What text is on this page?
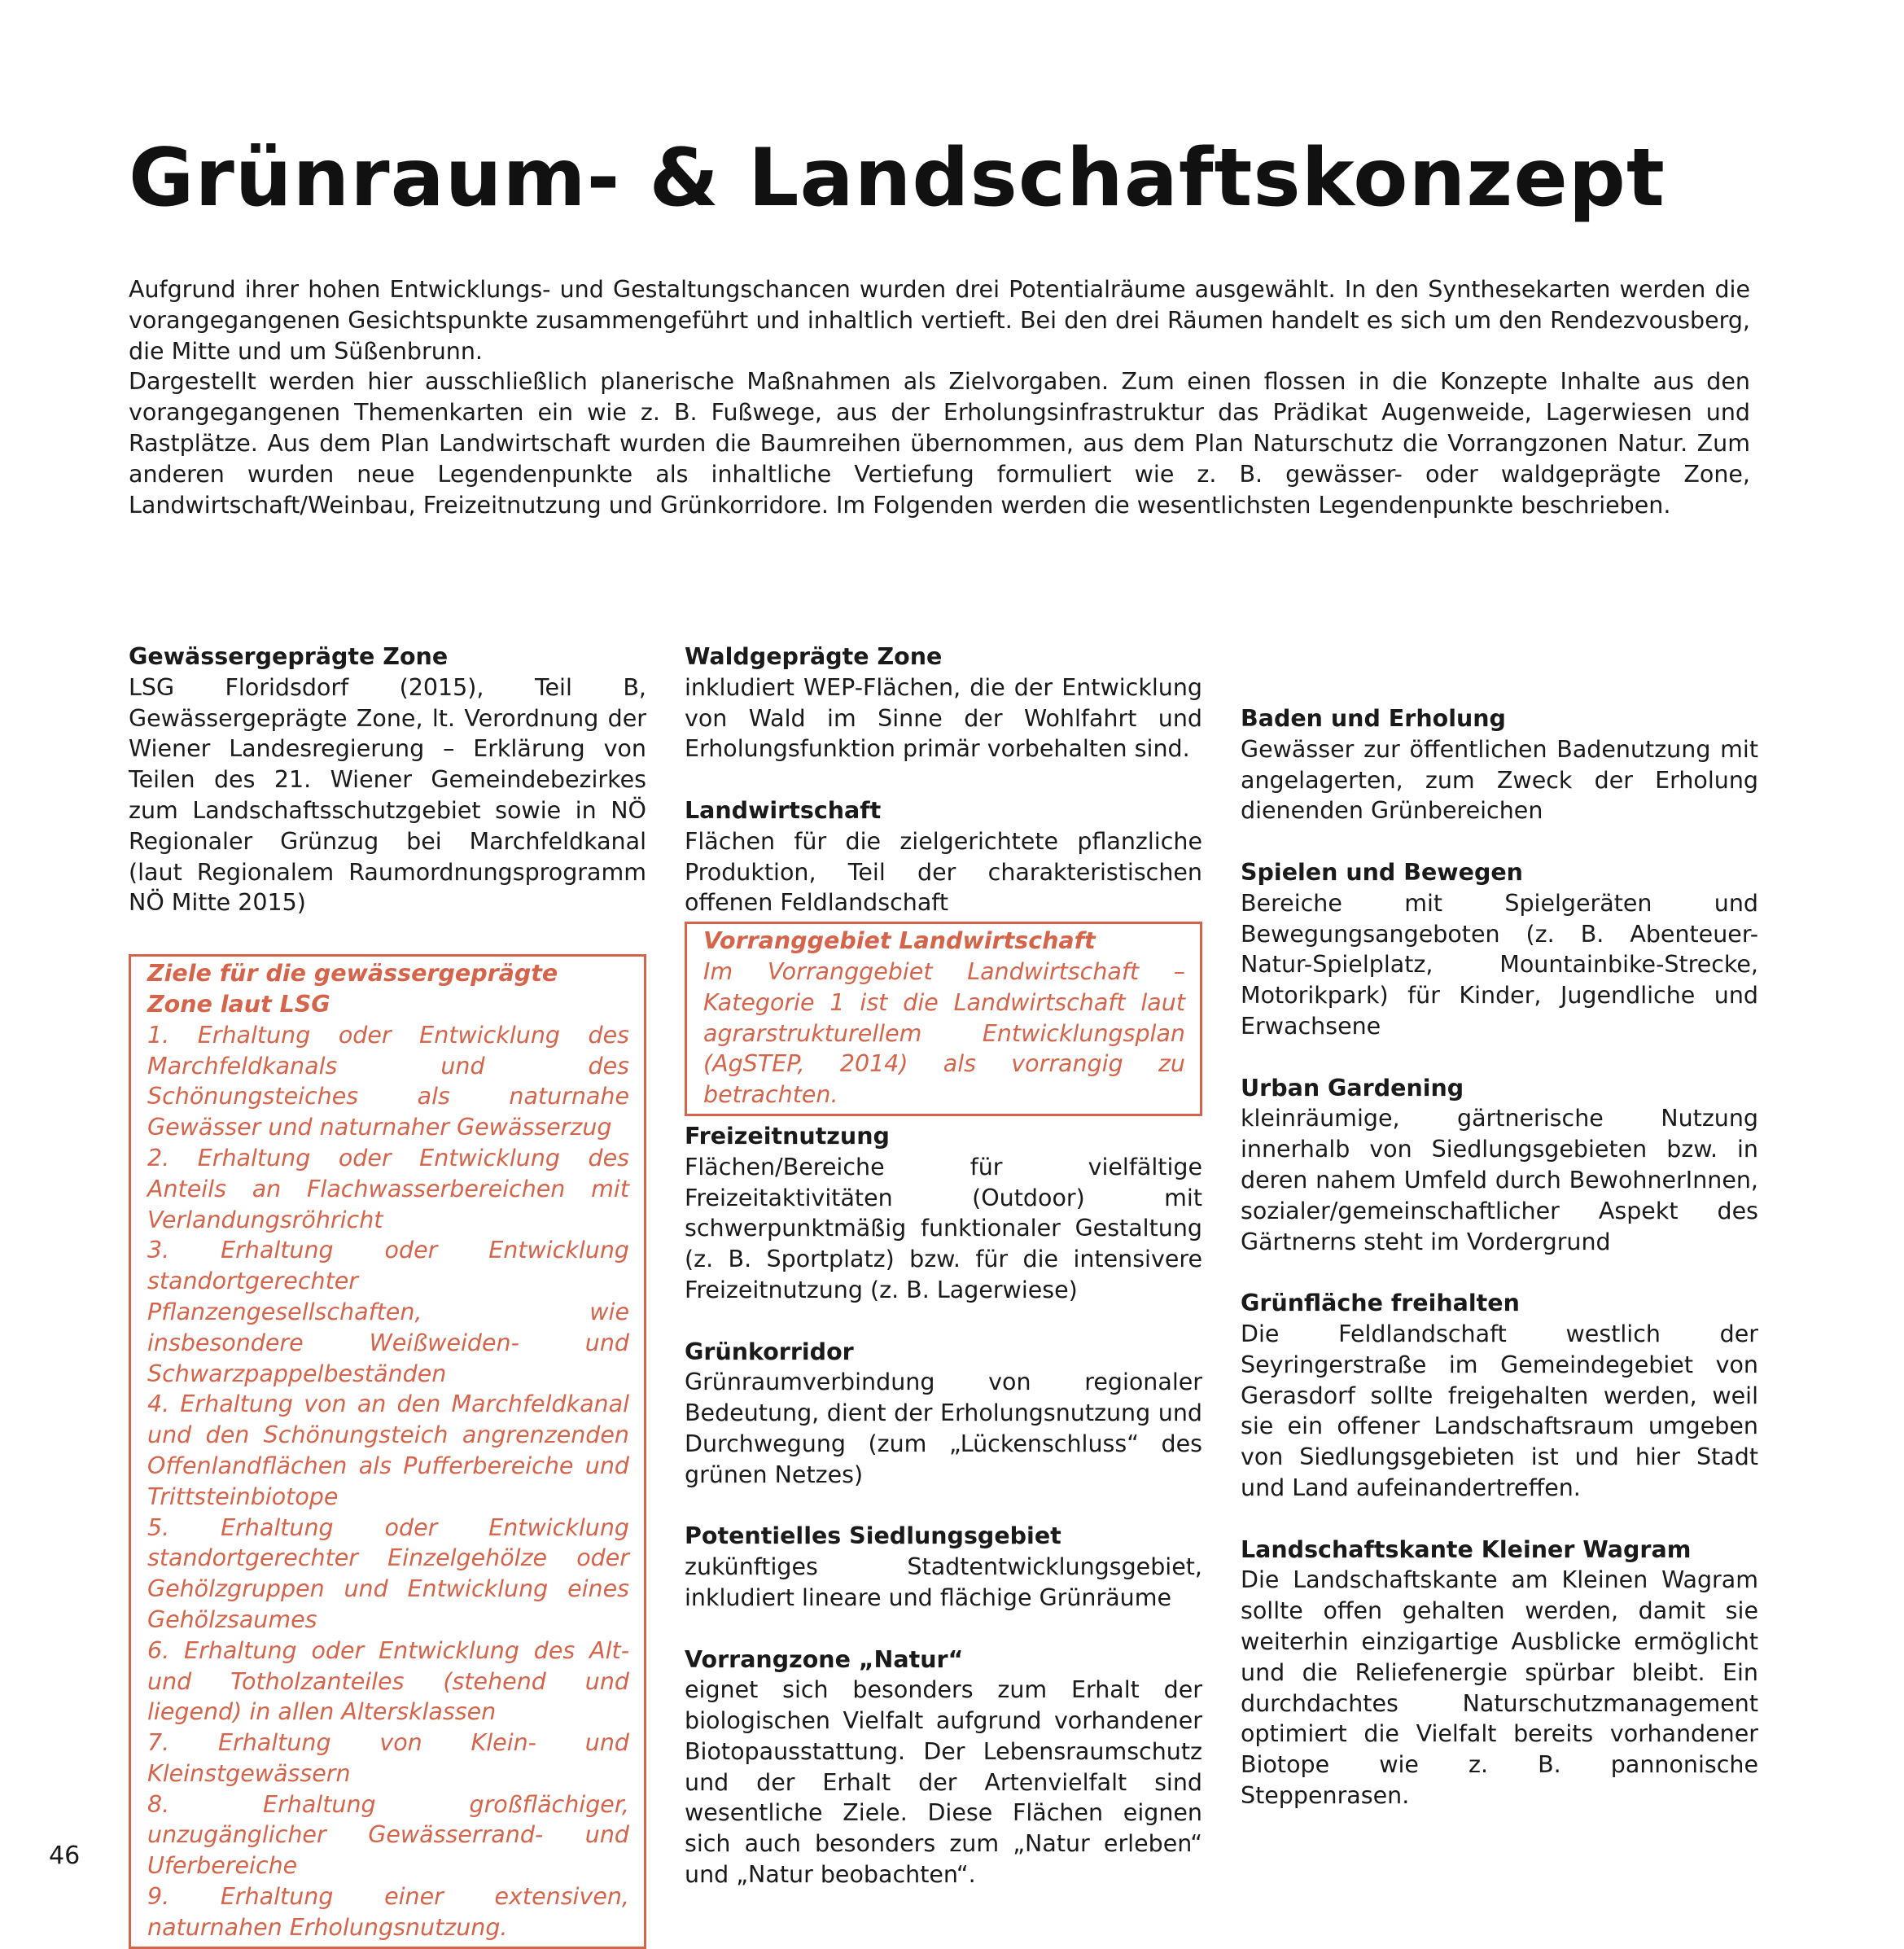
Grünraum- & Landschaftskonzept

Aufgrund ihrer hohen Entwicklungs- und Gestaltungschancen wurden drei Potentialräume ausgewählt. In den Synthesekarten werden die vorangegangenen Gesichtspunkte zusammengeführt und inhaltlich vertieft. Bei den drei Räumen handelt es sich um den Rendezvousberg, die Mitte und um Süßenbrunn.

Dargestellt werden hier ausschließlich planerische Maßnahmen als Zielvorgaben. Zum einen flossen in die Konzepte Inhalte aus den vorangegangenen Themenkarten ein wie z. B. Fußwege, aus der Erholungsinfrastruktur das Prädikat Augenweide, Lagerwiesen und Rastplätze. Aus dem Plan Landwirtschaft wurden die Baumreihen übernommen, aus dem Plan Naturschutz die Vorrangzonen Natur. Zum anderen wurden neue Legendenpunkte als inhaltliche Vertiefung formuliert wie z. B. gewässer- oder waldgeprägte Zone, Landwirtschaft/Weinbau, Freizeitnutzung und Grünkorridore. Im Folgenden werden die wesentlichsten Legendenpunkte beschrieben.

Gewässergeprägte Zone

LSG Floridsdorf (2015), Teil B, Gewässergeprägte Zone, lt. Verordnung der Wiener Landesregierung – Erklärung von Teilen des 21. Wiener Gemeindebezirkes zum Landschaftsschutzgebiet sowie in NÖ Regionaler Grünzug bei Marchfeldkanal (laut Regionalem Raumordnungsprogramm NÖ Mitte 2015)

Ziele für die gewässergeprägte Zone laut LSG

1. Erhaltung oder Entwicklung des Marchfeldkanals und des Schönungsteiches als naturnahe Gewässer und naturnaher Gewässerzug

2. Erhaltung oder Entwicklung des Anteils an Flachwasserbereichen mit Verlandungsröhricht

3. Erhaltung oder Entwicklung standortgerechter Pflanzengesellschaften, wie insbesondere Weißweiden- und Schwarzpappelbeständen

4. Erhaltung von an den Marchfeldkanal und den Schönungsteich angrenzenden Offenlandflächen als Pufferbereiche und Trittsteinbiotope

5. Erhaltung oder Entwicklung standortgerechter Einzelgehölze oder Gehölzgruppen und Entwicklung eines Gehölzsaumes

6. Erhaltung oder Entwicklung des Alt- und Totholzanteiles (stehend und liegend) in allen Altersklassen

7. Erhaltung von Klein- und Kleinstgewässern

8. Erhaltung großflächiger, unzugänglicher Gewässerrand- und Uferbereiche

9. Erhaltung einer extensiven, naturnahen Erholungsnutzung.

Waldgeprägte Zone

inkludiert WEP-Flächen, die der Entwicklung von Wald im Sinne der Wohlfahrt und Erholungsfunktion primär vorbehalten sind.

Landwirtschaft

Flächen für die zielgerichtete pflanzliche Produktion, Teil der charakteristischen offenen Feldlandschaft

Vorranggebiet Landwirtschaft

Im Vorranggebiet Landwirtschaft – Kategorie 1 ist die Landwirtschaft laut agrarstrukturellem Entwicklungsplan (AgSTEP, 2014) als vorrangig zu betrachten.

Freizeitnutzung

Flächen/Bereiche für vielfältige Freizeitaktivitäten (Outdoor) mit schwerpunktmäßig funktionaler Gestaltung (z. B. Sportplatz) bzw. für die intensivere Freizeitnutzung (z. B. Lagerwiese)

Grünkorridor

Grünraumverbindung von regionaler Bedeutung, dient der Erholungsnutzung und Durchwegung (zum „Lückenschluss“ des grünen Netzes)

Potentielles Siedlungsgebiet

zukünftiges Stadtentwicklungsgebiet, inkludiert lineare und flächige Grünräume

Vorrangzone „Natur“

eignet sich besonders zum Erhalt der biologischen Vielfalt aufgrund vorhandener Biotopausstattung. Der Lebensraumschutz und der Erhalt der Artenvielfalt sind wesentliche Ziele. Diese Flächen eignen sich auch besonders zum „Natur erleben“ und „Natur beobachten“.

Baden und Erholung

Gewässer zur öffentlichen Badenutzung mit angelagerten, zum Zweck der Erholung dienenden Grünbereichen

Spielen und Bewegen

Bereiche mit Spielgeräten und Bewegungsangeboten (z. B. Abenteuer-Natur-Spielplatz, Mountainbike-Strecke, Motorikpark) für Kinder, Jugendliche und Erwachsene

Urban Gardening

kleinräumige, gärtnerische Nutzung innerhalb von Siedlungsgebieten bzw. in deren nahem Umfeld durch BewohnerInnen, sozialer/gemeinschaftlicher Aspekt des Gärtnerns steht im Vordergrund

Grünfläche freihalten

Die Feldlandschaft westlich der Seyringerstraße im Gemeindegebiet von Gerasdorf sollte freigehalten werden, weil sie ein offener Landschaftsraum umgeben von Siedlungsgebieten ist und hier Stadt und Land aufeinandertreffen.

Landschaftskante Kleiner Wagram

Die Landschaftskante am Kleinen Wagram sollte offen gehalten werden, damit sie weiterhin einzigartige Ausblicke ermöglicht und die Reliefenergie spürbar bleibt. Ein durchdachtes Naturschutzmanagement optimiert die Vielfalt bereits vorhandener Biotope wie z. B. pannonische Steppenrasen.

46
